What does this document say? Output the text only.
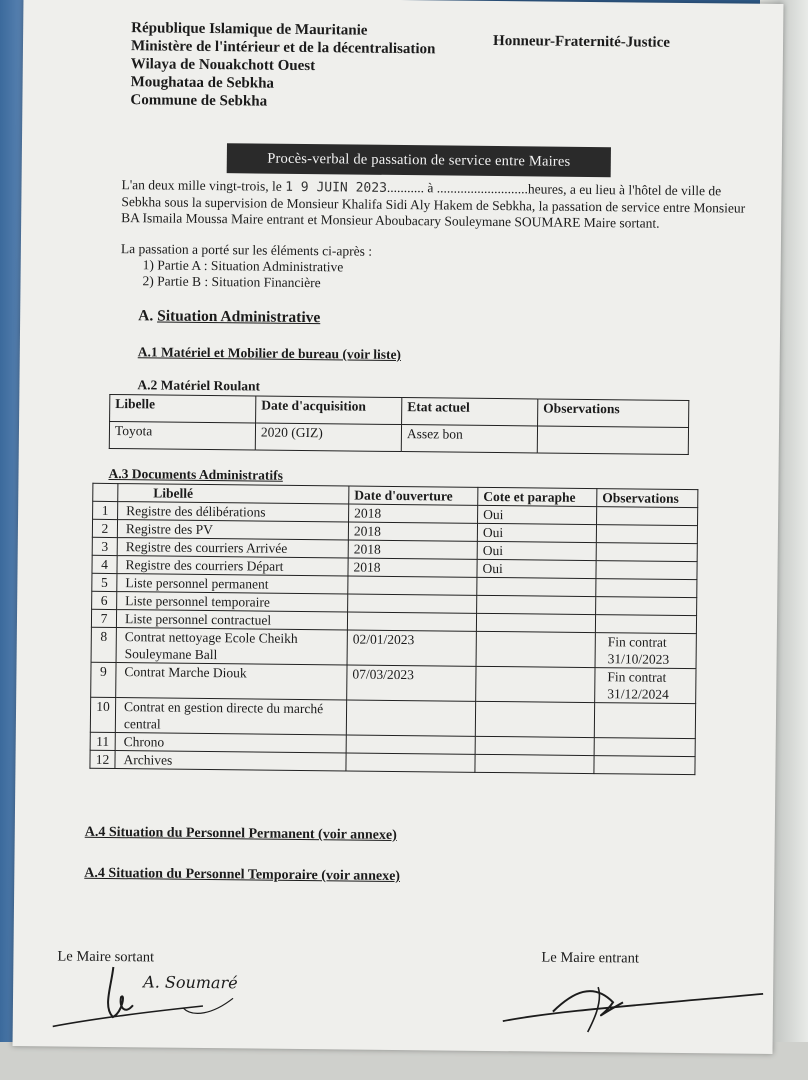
République Islamique de Mauritanie
Ministère de l'intérieur et de la décentralisation
Wilaya de Nouakchott Ouest
Moughataa de Sebkha
Commune de Sebkha
Honneur-Fraternité-Justice
Procès-verbal de passation de service entre Maires
L'an deux mille vingt-trois, le 1 9 JUIN 2023........... à ...........................heures, a eu lieu à l'hôtel de ville de Sebkha sous la supervision de Monsieur Khalifa Sidi Aly Hakem de Sebkha, la passation de service entre Monsieur BA Ismaila Moussa Maire entrant et Monsieur Aboubacary Souleymane SOUMARE Maire sortant.
La passation a porté sur les éléments ci-après :
1) Partie A : Situation Administrative
2) Partie B : Situation Financière
A. Situation Administrative
A.1 Matériel et Mobilier de bureau (voir liste)
A.2 Matériel Roulant
Libelle	Date d'acquisition	Etat actuel	Observations
Toyota	2020 (GIZ)	Assez bon	
A.3 Documents Administratifs
	Libellé	Date d'ouverture	Cote et paraphe	Observations
1	Registre des délibérations	2018	Oui	
2	Registre des PV	2018	Oui	
3	Registre des courriers Arrivée	2018	Oui	
4	Registre des courriers Départ	2018	Oui	
5	Liste personnel permanent			
6	Liste personnel temporaire			
7	Liste personnel contractuel			
8	Contrat nettoyage Ecole Cheikh Souleymane Ball	02/01/2023		Fin contrat 31/10/2023
9	Contrat Marche Diouk	07/03/2023		Fin contrat 31/12/2024
10	Contrat en gestion directe du marché central			
11	Chrono			
12	Archives			
A.4 Situation du Personnel Permanent (voir annexe)
A.4 Situation du Personnel Temporaire (voir annexe)
Le Maire sortant	Le Maire entrant
A. Soumaré
